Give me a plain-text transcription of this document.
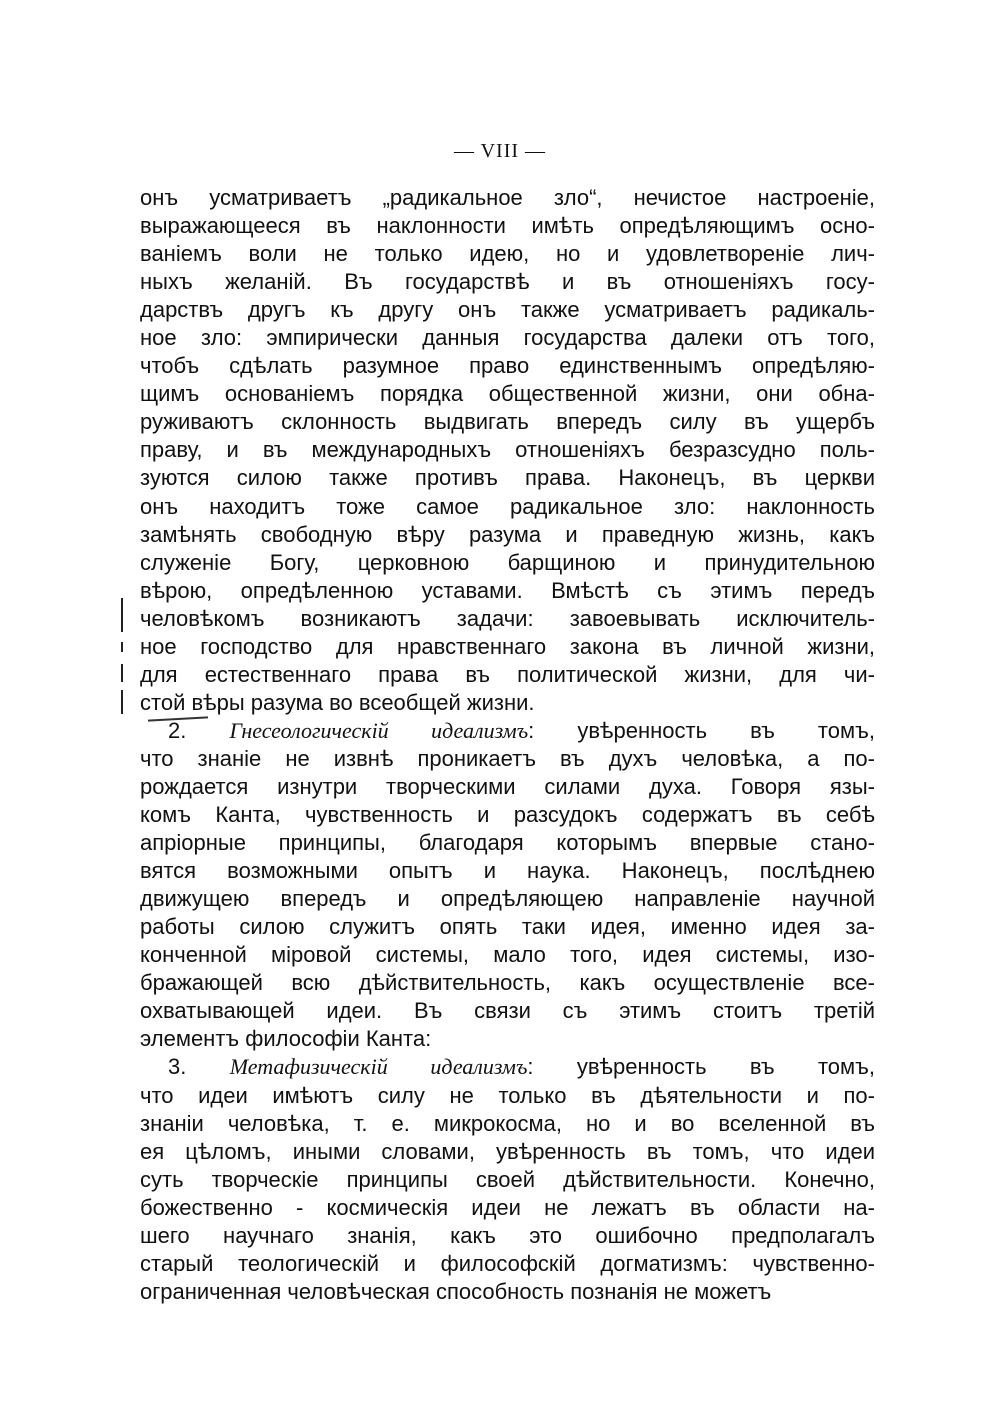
— VIII —
онъ усматриваетъ „радикальное зло“, нечистое настроеніе,
выражающееся въ наклонности имѣть опредѣляющимъ осно-
ваніемъ воли не только идею, но и удовлетвореніе лич-
ныхъ желаній. Въ государствѣ и въ отношеніяхъ госу-
дарствъ другъ къ другу онъ также усматриваетъ радикаль-
ное зло: эмпирически данныя государства далеки отъ того,
чтобъ сдѣлать разумное право единственнымъ опредѣляю-
щимъ основаніемъ порядка общественной жизни, они обна-
руживаютъ склонность выдвигать впередъ силу въ ущербъ
праву, и въ международныхъ отношеніяхъ безразсудно поль-
зуются силою также противъ права. Наконецъ, въ церкви
онъ находитъ тоже самое радикальное зло: наклонность
замѣнять свободную вѣру разума и праведную жизнь, какъ
служеніе Богу, церковною барщиною и принудительною
вѣрою, опредѣленною уставами. Вмѣстѣ съ этимъ передъ
человѣкомъ возникаютъ задачи: завоевывать исключитель-
ное господство для нравственнаго закона въ личной жизни,
для естественнаго права въ политической жизни, для чи-
стой вѣры разума во всеобщей жизни.
2. Гнесеологическій идеализмъ: увѣренность въ томъ,
что знаніе не извнѣ проникаетъ въ духъ человѣка, а по-
рождается изнутри творческими силами духа. Говоря язы-
комъ Канта, чувственность и разсудокъ содержатъ въ себѣ
апріорные принципы, благодаря которымъ впервые стано-
вятся возможными опытъ и наука. Наконецъ, послѣднею
движущею впередъ и опредѣляющею направленіе научной
работы силою служитъ опять таки идея, именно идея за-
конченной міровой системы, мало того, идея системы, изо-
бражающей всю дѣйствительность, какъ осуществленіе все-
охватывающей идеи. Въ связи съ этимъ стоитъ третій
элементъ философіи Канта:
3. Метафизическій идеализмъ: увѣренность въ томъ,
что идеи имѣютъ силу не только въ дѣятельности и по-
знаніи человѣка, т. е. микрокосма, но и во вселенной въ
ея цѣломъ, иными словами, увѣренность въ томъ, что идеи
суть творческіе принципы своей дѣйствительности. Конечно,
божественно - космическія идеи не лежатъ въ области на-
шего научнаго знанія, какъ это ошибочно предполагалъ
старый теологическій и философскій догматизмъ: чувственно-
ограниченная человѣческая способность познанія не можетъ
